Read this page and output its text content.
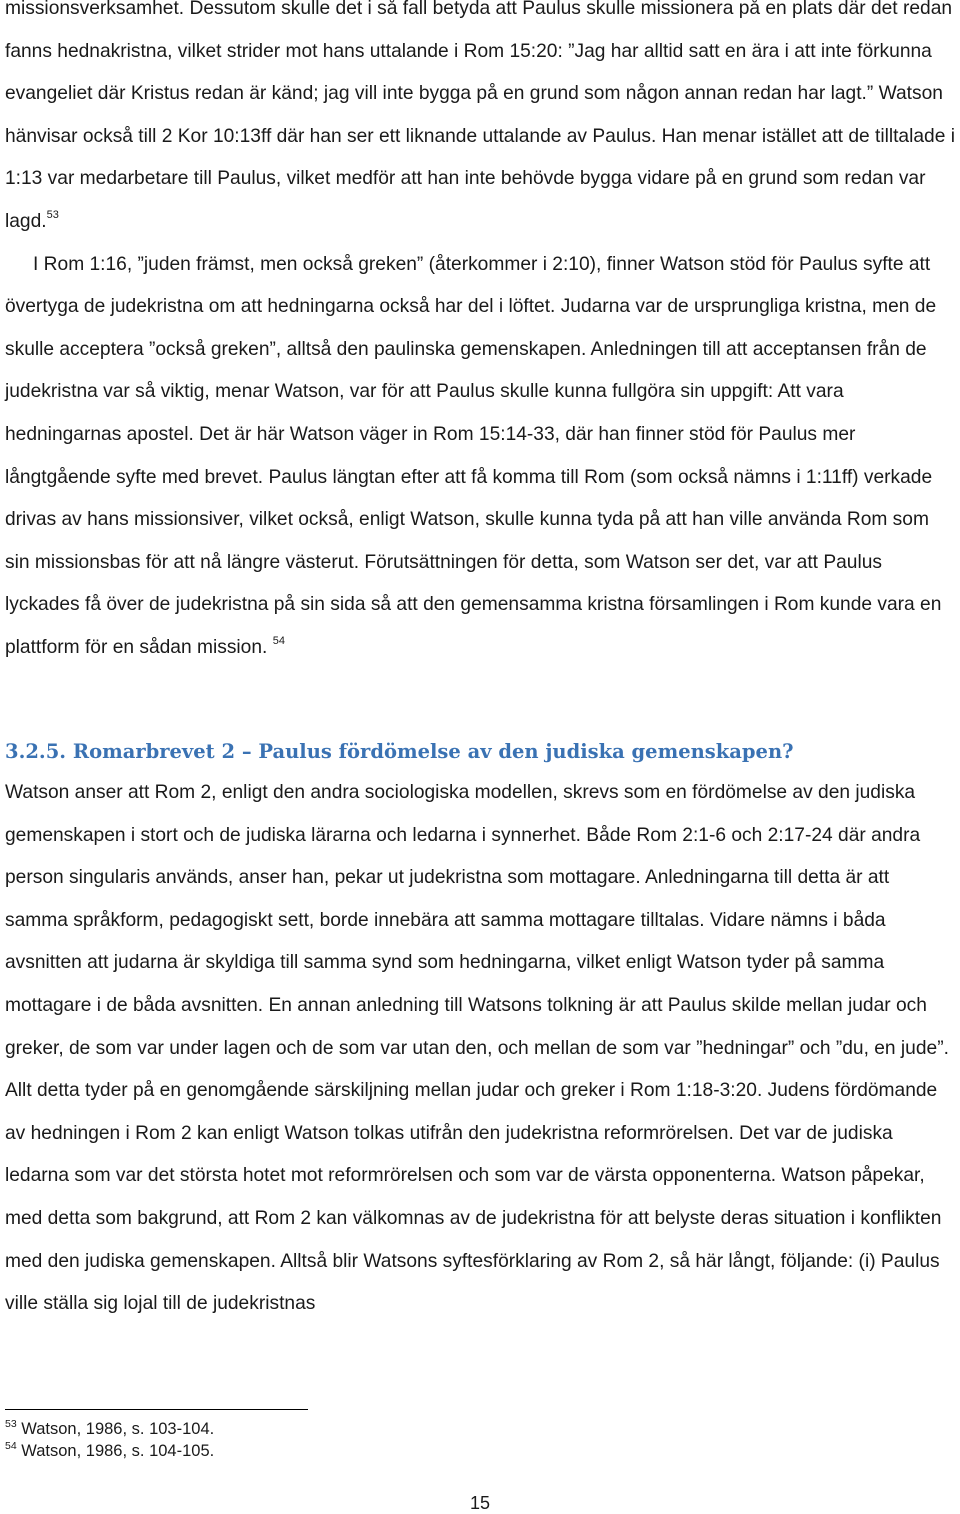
missionsverksamhet. Dessutom skulle det i så fall betyda att Paulus skulle missionera på en plats där det redan fanns hednakristna, vilket strider mot hans uttalande i Rom 15:20: ”Jag har alltid satt en ära i att inte förkunna evangeliet där Kristus redan är känd; jag vill inte bygga på en grund som någon annan redan har lagt.” Watson hänvisar också till 2 Kor 10:13ff där han ser ett liknande uttalande av Paulus. Han menar istället att de tilltalade i 1:13 var medarbetare till Paulus, vilket medför att han inte behövde bygga vidare på en grund som redan var lagd.$^{53}$

I Rom 1:16, ”juden främst, men också greken” (återkommer i 2:10), finner Watson stöd för Paulus syfte att övertyga de judekristna om att hedningarna också har del i löftet. Judarna var de ursprungliga kristna, men de skulle acceptera ”också greken”, alltså den paulinska gemenskapen. Anledningen till att acceptansen från de judekristna var så viktig, menar Watson, var för att Paulus skulle kunna fullgöra sin uppgift: Att vara hedningarnas apostel. Det är här Watson väger in Rom 15:14-33, där han finner stöd för Paulus mer långtgående syfte med brevet. Paulus längtan efter att få komma till Rom (som också nämns i 1:11ff) verkade drivas av hans missionsiver, vilket också, enligt Watson, skulle kunna tyda på att han ville använda Rom som sin missionsbas för att nå längre västerut. Förutsättningen för detta, som Watson ser det, var att Paulus lyckades få över de judekristna på sin sida så att den gemensamma kristna församlingen i Rom kunde vara en plattform för en sådan mission. $^{54}$

3.2.5. Romarbrevet 2 – Paulus fördömelse av den judiska gemenskapen?

Watson anser att Rom 2, enligt den andra sociologiska modellen, skrevs som en fördömelse av den judiska gemenskapen i stort och de judiska lärarna och ledarna i synnerhet. Både Rom 2:1-6 och 2:17-24 där andra person singularis används, anser han, pekar ut judekristna som mottagare. Anledningarna till detta är att samma språkform, pedagogiskt sett, borde innebära att samma mottagare tilltalas. Vidare nämns i båda avsnitten att judarna är skyldiga till samma synd som hedningarna, vilket enligt Watson tyder på samma mottagare i de båda avsnitten. En annan anledning till Watsons tolkning är att Paulus skilde mellan judar och greker, de som var under lagen och de som var utan den, och mellan de som var ”hedningar” och ”du, en jude”. Allt detta tyder på en genomgående särskiljning mellan judar och greker i Rom 1:18-3:20. Judens fördömande av hedningen i Rom 2 kan enligt Watson tolkas utifrån den judekristna reformrörelsen. Det var de judiska ledarna som var det största hotet mot reformrörelsen och som var de värsta opponenterna. Watson påpekar, med detta som bakgrund, att Rom 2 kan välkomnas av de judekristna för att belyste deras situation i konflikten med den judiska gemenskapen. Alltså blir Watsons syftesförklaring av Rom 2, så här långt, följande: (i) Paulus ville ställa sig lojal till de judekristnas

$^{53}$ Watson, 1986, s. 103-104.

$^{54}$ Watson, 1986, s. 104-105.

15
